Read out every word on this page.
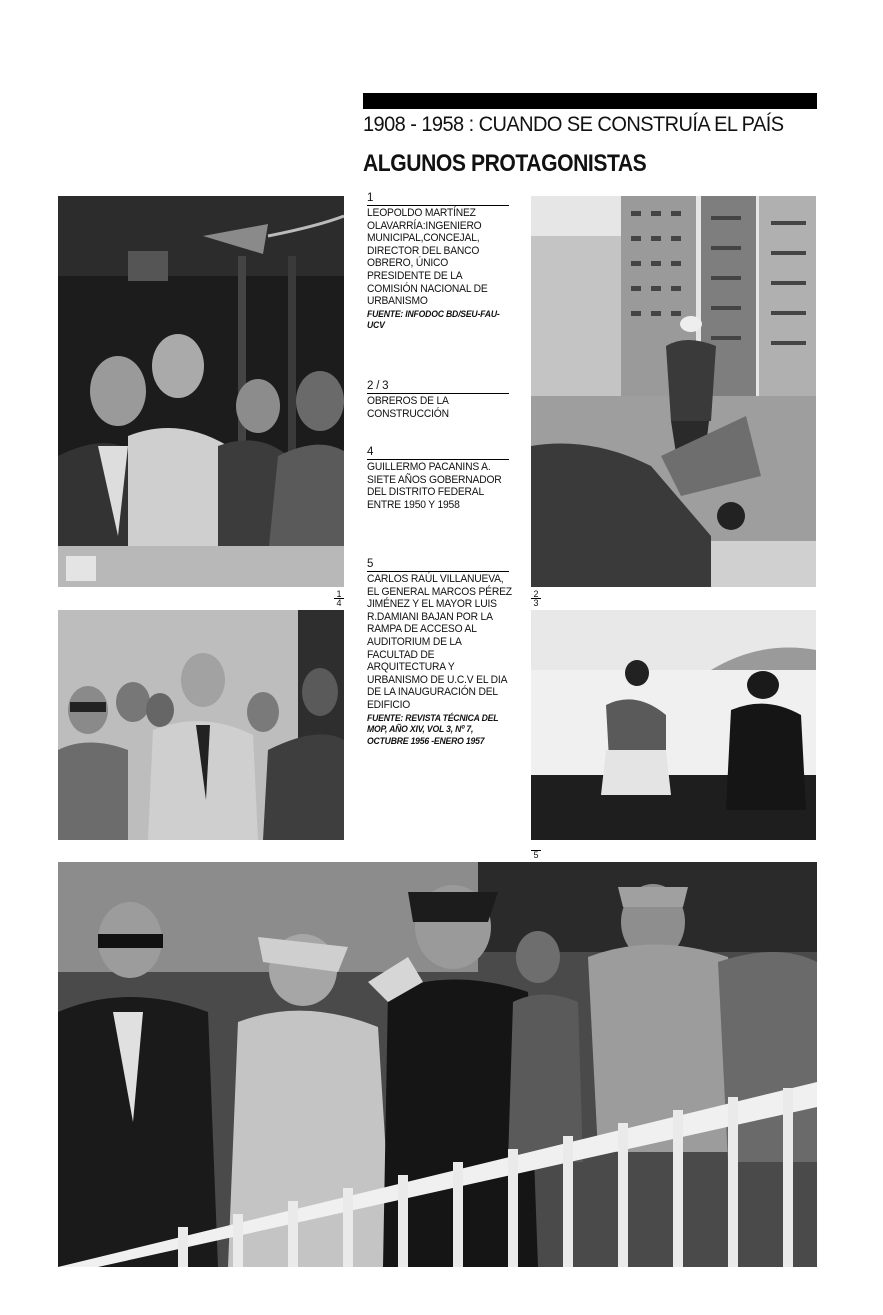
1908 - 1958 : CUANDO SE CONSTRUÍA EL PAÍS
ALGUNOS PROTAGONISTAS
1
LEOPOLDO MARTÍNEZ OLAVARRÍA:INGENIERO MUNICIPAL,CONCEJAL, DIRECTOR DEL BANCO OBRERO, ÚNICO PRESIDENTE DE LA COMISIÓN NACIONAL DE URBANISMO
FUENTE: INFODOC BD/SEU-FAU-UCV
2 / 3
OBREROS DE LA CONSTRUCCIÓN
4
GUILLERMO PACANINS A. SIETE AÑOS GOBERNADOR DEL DISTRITO FEDERAL ENTRE 1950 Y 1958
5
CARLOS RAÚL VILLANUEVA, EL GENERAL MARCOS PÉREZ JIMÉNEZ Y EL MAYOR LUIS R.DAMIANI BAJAN POR LA RAMPA DE ACCESO AL AUDITORIUM DE LA FACULTAD DE ARQUITECTURA Y URBANISMO DE U.C.V EL DIA DE LA INAUGURACIÓN DEL EDIFICIO
FUENTE: REVISTA TÉCNICA DEL MOP, AÑO XIV, VOL 3, Nº 7, OCTUBRE 1956 -ENERO 1957
1
4
2
3
5
